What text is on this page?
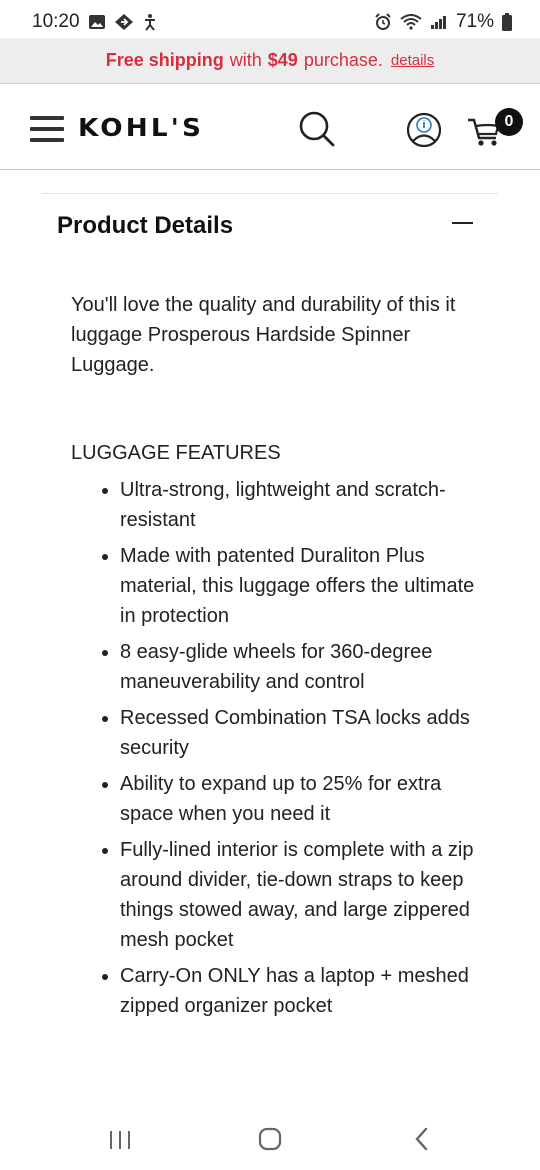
10:20	71%
Free shipping with $49 purchase. details
KOHL'S	0
Product Details
You'll love the quality and durability of this it luggage Prosperous Hardside Spinner Luggage.
LUGGAGE FEATURES
• Ultra-strong, lightweight and scratch-resistant
• Made with patented Duraliton Plus material, this luggage offers the ultimate in protection
• 8 easy-glide wheels for 360-degree maneuverability and control
• Recessed Combination TSA locks adds security
• Ability to expand up to 25% for extra space when you need it
• Fully-lined interior is complete with a zip around divider, tie-down straps to keep things stowed away, and large zippered mesh pocket
• Carry-On ONLY has a laptop + meshed zipped organizer pocket
